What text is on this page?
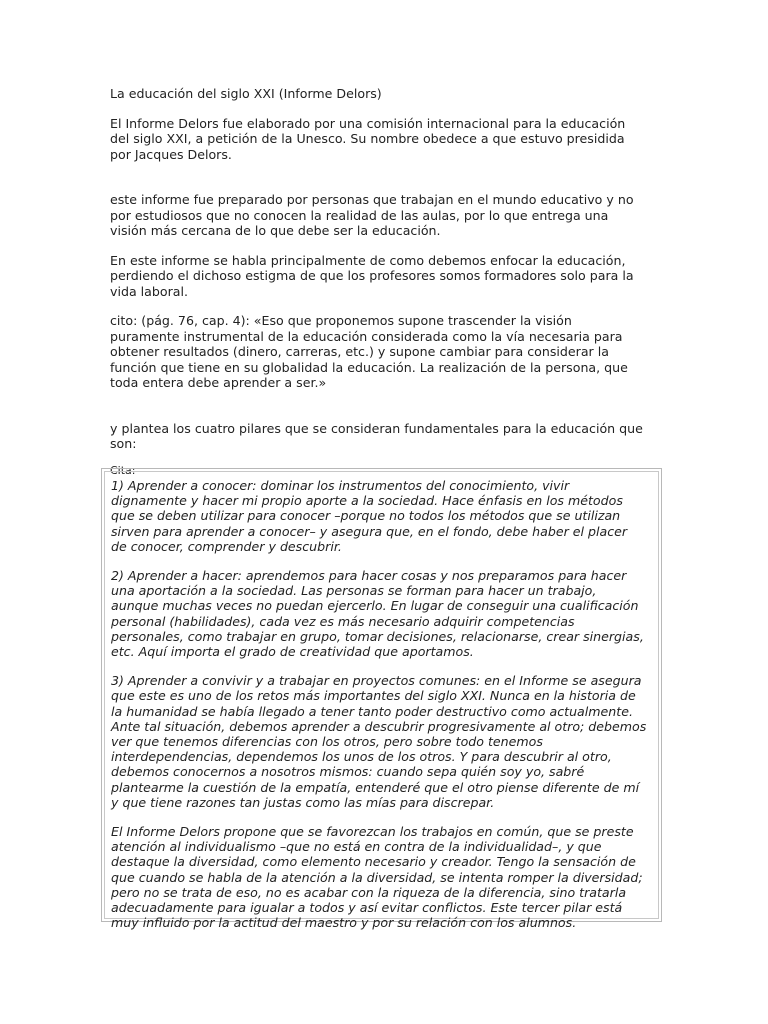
La educación del siglo XXI (Informe Delors)

El Informe Delors fue elaborado por una comisión internacional para la educación
del siglo XXI, a petición de la Unesco. Su nombre obedece a que estuvo presidida
por Jacques Delors.

este informe fue preparado por personas que trabajan en el mundo educativo y no
por estudiosos que no conocen la realidad de las aulas, por lo que entrega una
visión más cercana de lo que debe ser la educación.

En este informe se habla principalmente de como debemos enfocar la educación,
perdiendo el dichoso estigma de que los profesores somos formadores solo para la
vida laboral.

cito: (pág. 76, cap. 4): «Eso que proponemos supone trascender la visión
puramente instrumental de la educación considerada como la vía necesaria para
obtener resultados (dinero, carreras, etc.) y supone cambiar para considerar la
función que tiene en su globalidad la educación. La realización de la persona, que
toda entera debe aprender a ser.»

y plantea los cuatro pilares que se consideran fundamentales para la educación que
son:

Cita:

1) Aprender a conocer: dominar los instrumentos del conocimiento, vivir
dignamente y hacer mi propio aporte a la sociedad. Hace énfasis en los métodos
que se deben utilizar para conocer –porque no todos los métodos que se utilizan
sirven para aprender a conocer– y asegura que, en el fondo, debe haber el placer
de conocer, comprender y descubrir.

2) Aprender a hacer: aprendemos para hacer cosas y nos preparamos para hacer
una aportación a la sociedad. Las personas se forman para hacer un trabajo,
aunque muchas veces no puedan ejercerlo. En lugar de conseguir una cualificación
personal (habilidades), cada vez es más necesario adquirir competencias
personales, como trabajar en grupo, tomar decisiones, relacionarse, crear sinergias,
etc. Aquí importa el grado de creatividad que aportamos.

3) Aprender a convivir y a trabajar en proyectos comunes: en el Informe se asegura
que este es uno de los retos más importantes del siglo XXI. Nunca en la historia de
la humanidad se había llegado a tener tanto poder destructivo como actualmente.
Ante tal situación, debemos aprender a descubrir progresivamente al otro; debemos
ver que tenemos diferencias con los otros, pero sobre todo tenemos
interdependencias, dependemos los unos de los otros. Y para descubrir al otro,
debemos conocernos a nosotros mismos: cuando sepa quién soy yo, sabré
plantearme la cuestión de la empatía, entenderé que el otro piense diferente de mí
y que tiene razones tan justas como las mías para discrepar.

El Informe Delors propone que se favorezcan los trabajos en común, que se preste
atención al individualismo –que no está en contra de la individualidad–, y que
destaque la diversidad, como elemento necesario y creador. Tengo la sensación de
que cuando se habla de la atención a la diversidad, se intenta romper la diversidad;
pero no se trata de eso, no es acabar con la riqueza de la diferencia, sino tratarla
adecuadamente para igualar a todos y así evitar conflictos. Este tercer pilar está
muy influido por la actitud del maestro y por su relación con los alumnos.
